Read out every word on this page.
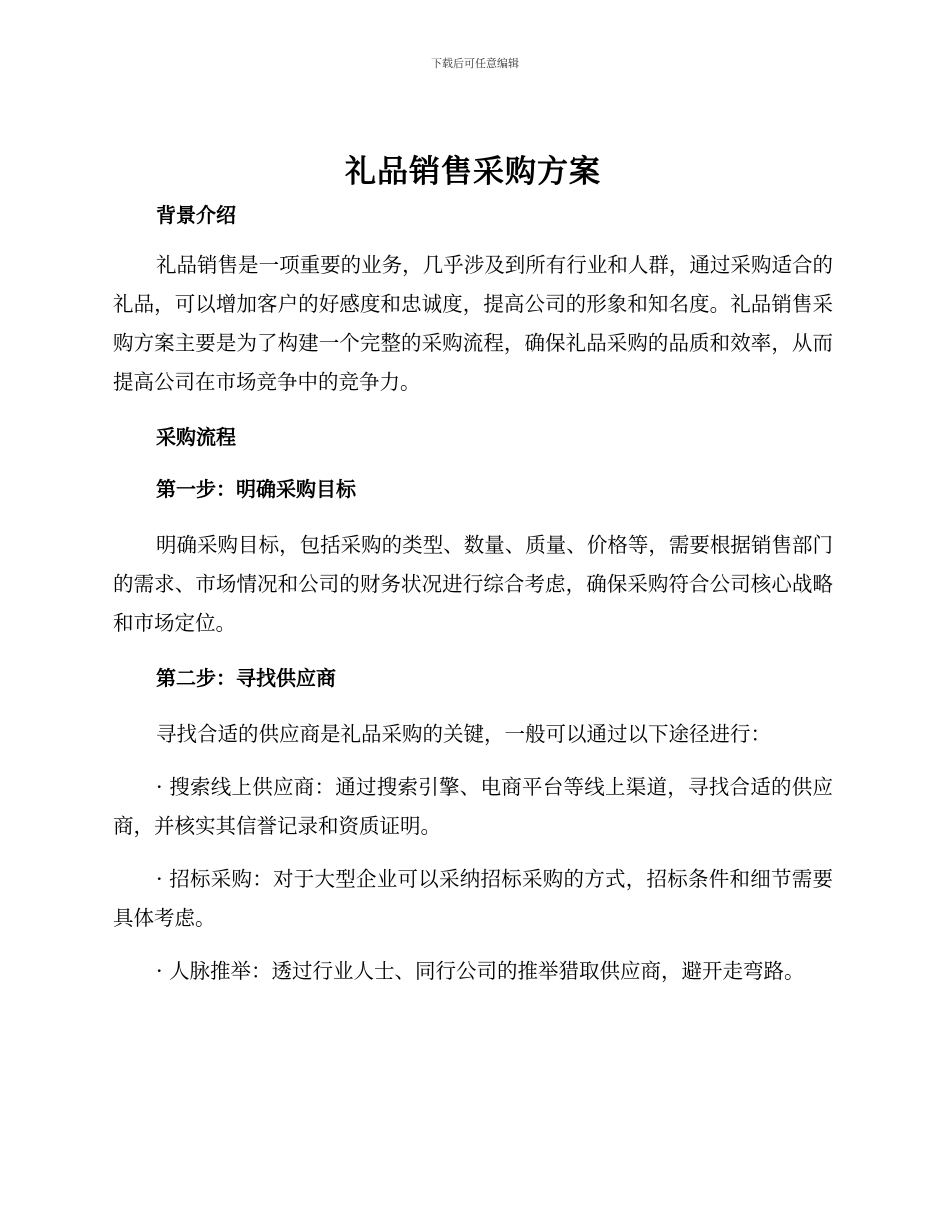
下载后可任意编辑
礼品销售采购方案
背景介绍

礼品销售是一项重要的业务，几乎涉及到所有行业和人群，通过采购适合的礼品，可以增加客户的好感度和忠诚度，提高公司的形象和知名度。礼品销售采购方案主要是为了构建一个完整的采购流程，确保礼品采购的品质和效率，从而提高公司在市场竞争中的竞争力。

采购流程
第一步：明确采购目标

明确采购目标，包括采购的类型、数量、质量、价格等，需要根据销售部门的需求、市场情况和公司的财务状况进行综合考虑，确保采购符合公司核心战略和市场定位。

第二步：寻找供应商

寻找合适的供应商是礼品采购的关键，一般可以通过以下途径进行：

· 搜索线上供应商：通过搜索引擎、电商平台等线上渠道，寻找合适的供应商，并核实其信誉记录和资质证明。

· 招标采购：对于大型企业可以采纳招标采购的方式，招标条件和细节需要具体考虑。

· 人脉推举：透过行业人士、同行公司的推举猎取供应商，避开走弯路。
